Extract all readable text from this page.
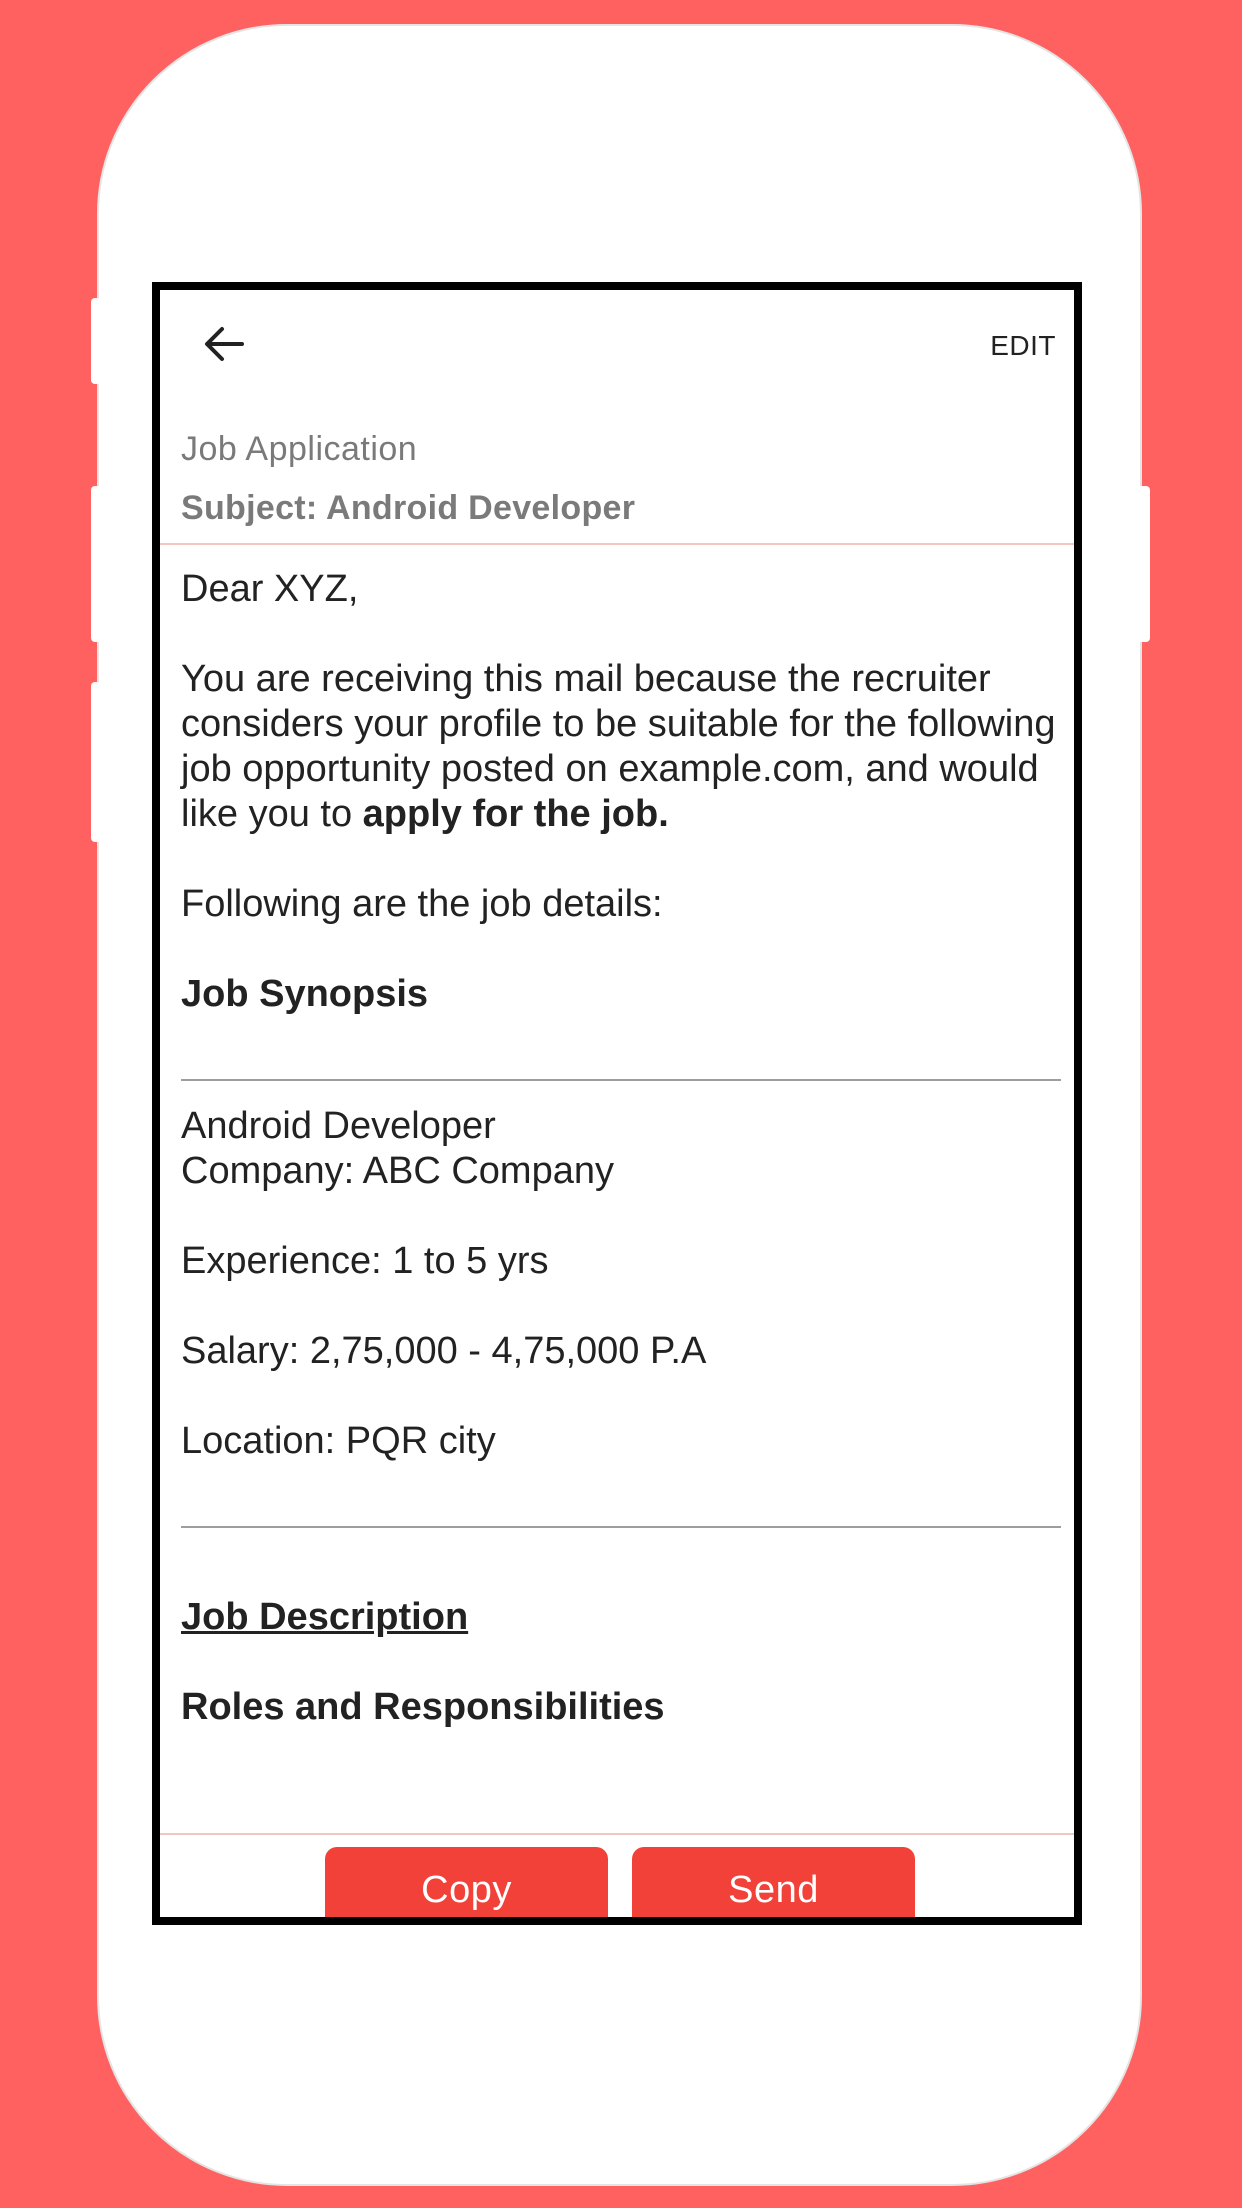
EDIT
Job Application
Subject: Android Developer

Dear XYZ,

You are receiving this mail because the recruiter considers your profile to be suitable for the following job opportunity posted on example.com, and would like you to apply for the job.

Following are the job details:

Job Synopsis

Android Developer

Company: ABC Company

Experience: 1 to 5 yrs

Salary: 2,75,000 - 4,75,000 P.A

Location: PQR city

Job Description

Roles and Responsibilities

Copy	Send
